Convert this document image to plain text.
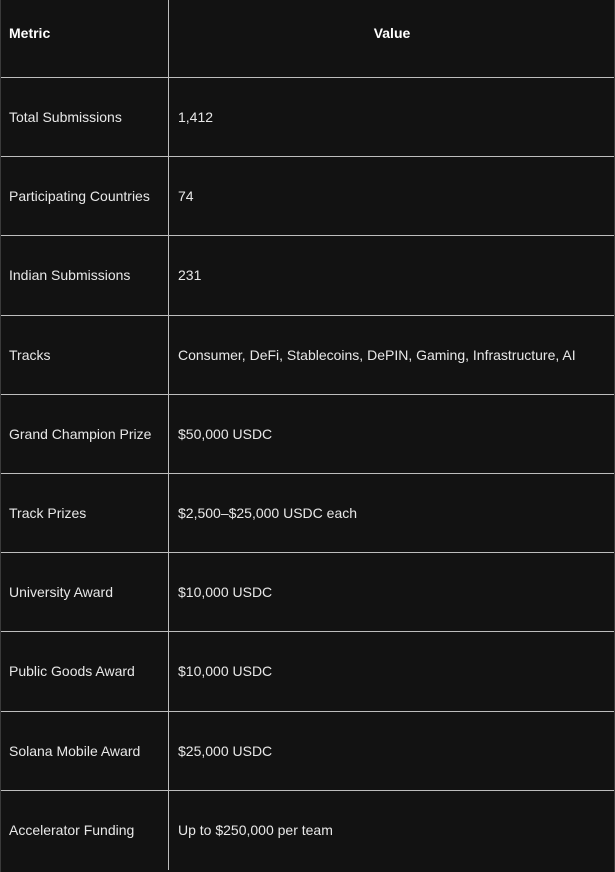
Metric	Value
Total Submissions	1,412
Participating Countries	74
Indian Submissions	231
Tracks	Consumer, DeFi, Stablecoins, DePIN, Gaming, Infrastructure, AI
Grand Champion Prize	$50,000 USDC
Track Prizes	$2,500–$25,000 USDC each
University Award	$10,000 USDC
Public Goods Award	$10,000 USDC
Solana Mobile Award	$25,000 USDC
Accelerator Funding	Up to $250,000 per team
